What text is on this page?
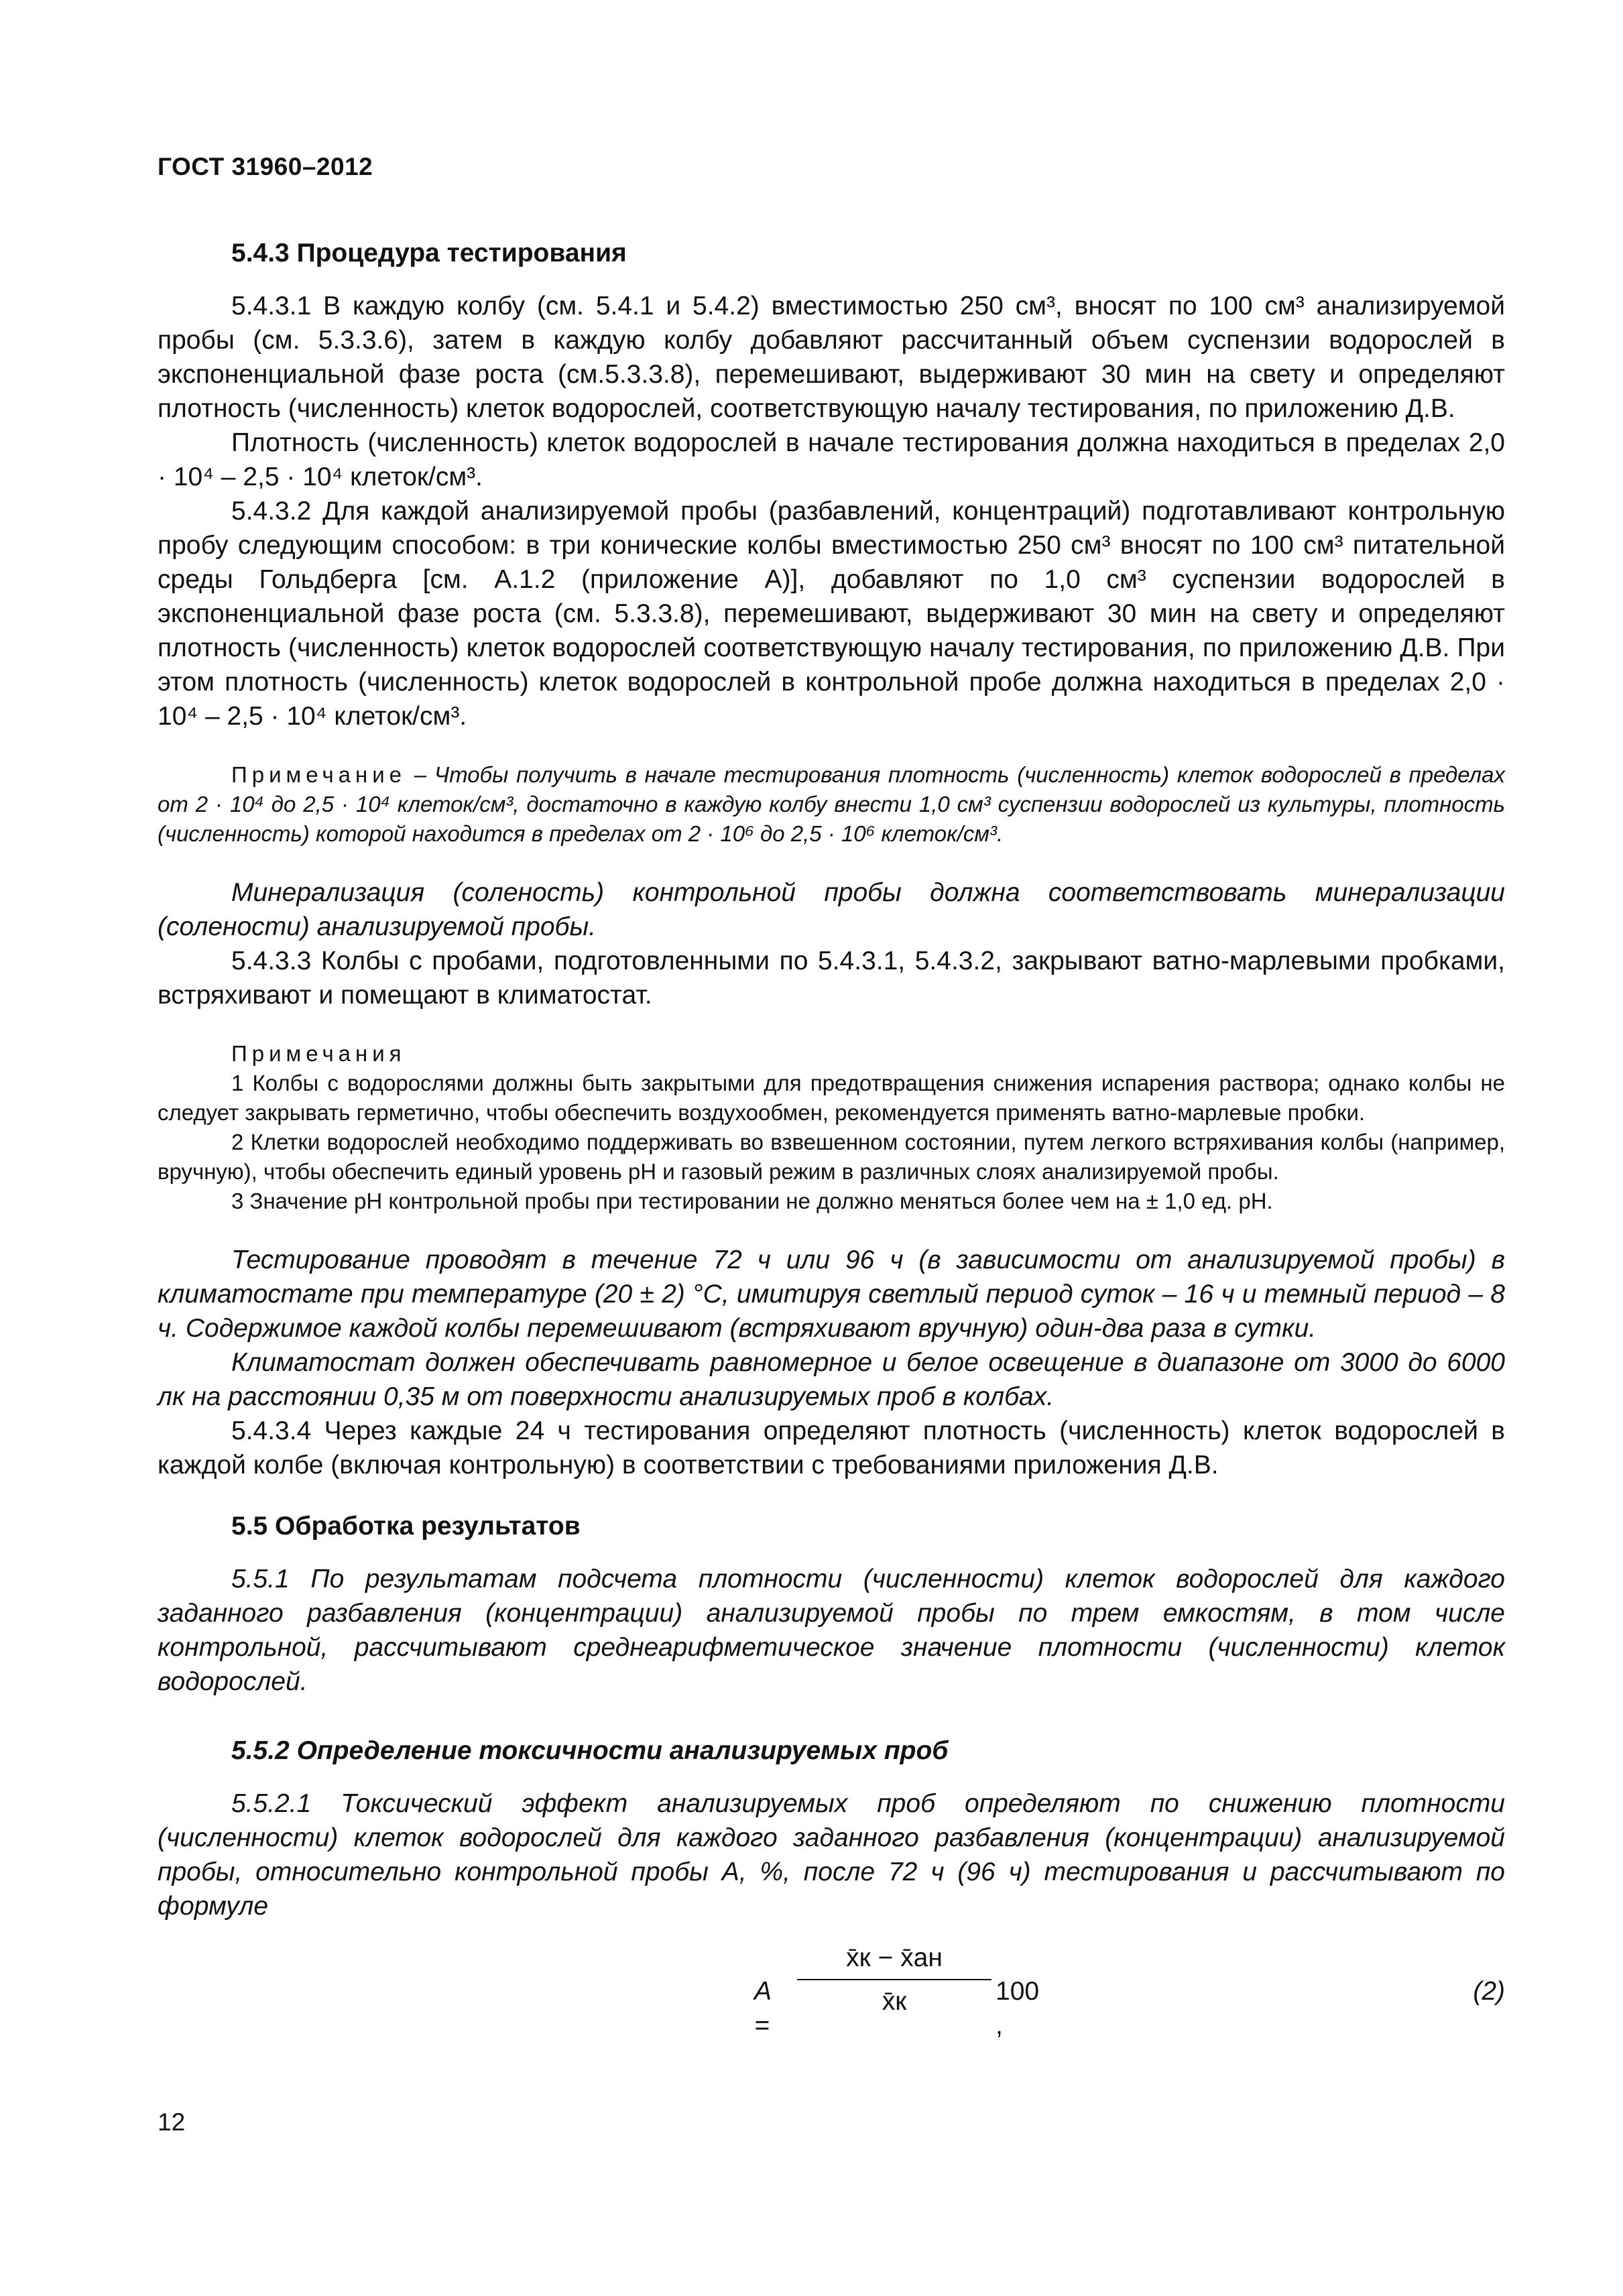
ГОСТ 31960–2012
5.4.3 Процедура тестирования

5.4.3.1 В каждую колбу (см. 5.4.1 и 5.4.2) вместимостью 250 см³, вносят по 100 см³ анализируемой пробы (см. 5.3.3.6), затем в каждую колбу добавляют рассчитанный объем суспензии водорослей в экспоненциальной фазе роста (см.5.3.3.8), перемешивают, выдерживают 30 мин на свету и определяют плотность (численность) клеток водорослей, соответствующую началу тестирования, по приложению Д.В.

Плотность (численность) клеток водорослей в начале тестирования должна находиться в пределах 2,0 · 10⁴ – 2,5 · 10⁴ клеток/см³.

5.4.3.2 Для каждой анализируемой пробы (разбавлений, концентраций) подготавливают контрольную пробу следующим способом: в три конические колбы вместимостью 250 см³ вносят по 100 см³ питательной среды Гольдберга [см. А.1.2 (приложение А)], добавляют по 1,0 см³ суспензии водорослей в экспоненциальной фазе роста (см. 5.3.3.8), перемешивают, выдерживают 30 мин на свету и определяют плотность (численность) клеток водорослей соответствующую началу тестирования, по приложению Д.В. При этом плотность (численность) клеток водорослей в контрольной пробе должна находиться в пределах 2,0 · 10⁴ – 2,5 · 10⁴ клеток/см³.

Примечание – Чтобы получить в начале тестирования плотность (численность) клеток водорослей в пределах от 2 · 10⁴ до 2,5 · 10⁴ клеток/см³, достаточно в каждую колбу внести 1,0 см³ суспензии водорослей из культуры, плотность (численность) которой находится в пределах от 2 · 10⁶ до 2,5 · 10⁶ клеток/см³.

Минерализация (соленость) контрольной пробы должна соответствовать минерализации (солености) анализируемой пробы.

5.4.3.3 Колбы с пробами, подготовленными по 5.4.3.1, 5.4.3.2, закрывают ватно-марлевыми пробками, встряхивают и помещают в климатостат.

Примечания

1 Колбы с водорослями должны быть закрытыми для предотвращения снижения испарения раствора; однако колбы не следует закрывать герметично, чтобы обеспечить воздухообмен, рекомендуется применять ватно-марлевые пробки.

2 Клетки водорослей необходимо поддерживать во взвешенном состоянии, путем легкого встряхивания колбы (например, вручную), чтобы обеспечить единый уровень pH и газовый режим в различных слоях анализируемой пробы.

3 Значение pH контрольной пробы при тестировании не должно меняться более чем на ± 1,0 ед. pH.

Тестирование проводят в течение 72 ч или 96 ч (в зависимости от анализируемой пробы) в климатостате при температуре (20 ± 2) °С, имитируя светлый период суток – 16 ч и темный период – 8 ч. Содержимое каждой колбы перемешивают (встряхивают вручную) один-два раза в сутки.

Климатостат должен обеспечивать равномерное и белое освещение в диапазоне от 3000 до 6000 лк на расстоянии 0,35 м от поверхности анализируемых проб в колбах.

5.4.3.4 Через каждые 24 ч тестирования определяют плотность (численность) клеток водорослей в каждой колбе (включая контрольную) в соответствии с требованиями приложения Д.В.

5.5 Обработка результатов

5.5.1 По результатам подсчета плотности (численности) клеток водорослей для каждого заданного разбавления (концентрации) анализируемой пробы по трем емкостям, в том числе контрольной, рассчитывают среднеарифметическое значение плотности (численности) клеток водорослей.

5.5.2 Определение токсичности анализируемых проб

5.5.2.1 Токсический эффект анализируемых проб определяют по снижению плотности (численности) клеток водорослей для каждого заданного разбавления (концентрации) анализируемой пробы, относительно контрольной пробы А, %, после 72 ч (96 ч) тестирования и рассчитывают по формуле

A =
x̄к − x̄ан
x̄к	100 ,
(2)
12
